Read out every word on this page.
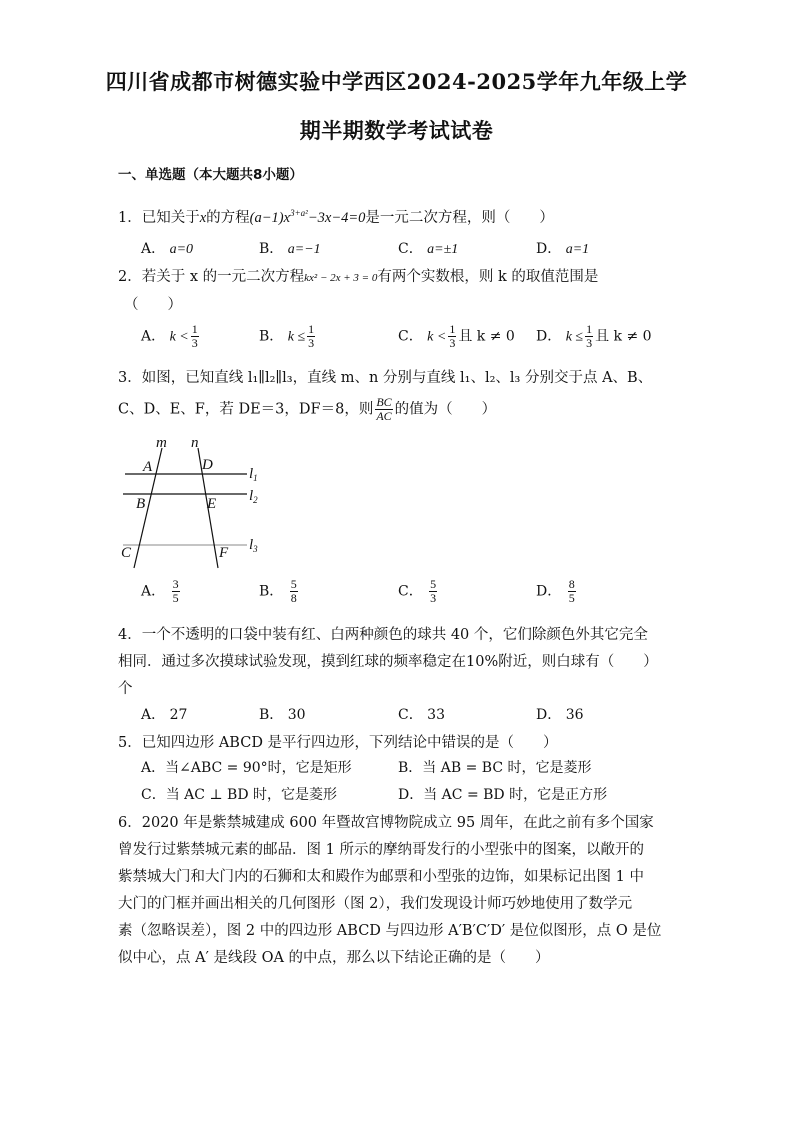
四川省成都市树德实验中学西区2024-2025学年九年级上学
期半期数学考试试卷
一、单选题（本大题共8小题）
1．已知关于x的方程$(a-1)x^{3+a^2}-3x-4=0$是一元二次方程，则（　　）
A． a=0	B． a=−1	C． a=±1	D． a=1
2．若关于 x 的一元二次方程kx² − 2x + 3 = 0有两个实数根，则 k 的取值范围是
（　　）
A． $k < \frac{1}{3}$	B． $k \le \frac{1}{3}$	C． $k < \frac{1}{3}$ 且 k ≠ 0 D． $k \le \frac{1}{3}$ 且 k ≠ 0
3．如图，已知直线 l₁∥l₂∥l₃，直线 m、n 分别与直线 l₁、l₂、l₃ 分别交于点 A、B、
C、D、E、F，若 DE＝3，DF＝8，则 $\frac{BC}{AC}$ 的值为（　　）
m n
A	D
B	E
C	F
$l_1$
$l_2$
$l_3$
A． $\frac{3}{5}$	B． $\frac{5}{8}$	C． $\frac{5}{3}$	D． $\frac{8}{5}$
4．一个不透明的口袋中装有红、白两种颜色的球共 40 个，它们除颜色外其它完全
相同．通过多次摸球试验发现，摸到红球的频率稳定在10%附近，则白球有（　　）
个
A． 27	B． 30	C． 33	D． 36
5．已知四边形 ABCD 是平行四边形，下列结论中错误的是（　　）
A．当∠ABC = 90°时，它是矩形	B．当 AB = BC 时，它是菱形
C．当 AC ⊥ BD 时，它是菱形	D．当 AC = BD 时，它是正方形
6．2020 年是紫禁城建成 600 年暨故宫博物院成立 95 周年，在此之前有多个国家
曾发行过紫禁城元素的邮品．图 1 所示的摩纳哥发行的小型张中的图案，以敞开的
紫禁城大门和大门内的石狮和太和殿作为邮票和小型张的边饰，如果标记出图 1 中
大门的门框并画出相关的几何图形（图 2），我们发现设计师巧妙地使用了数学元
素（忽略误差），图 2 中的四边形 ABCD 与四边形 A′B′C′D′ 是位似图形，点 O 是位
似中心，点 A′ 是线段 OA 的中点，那么以下结论正确的是（　　）
